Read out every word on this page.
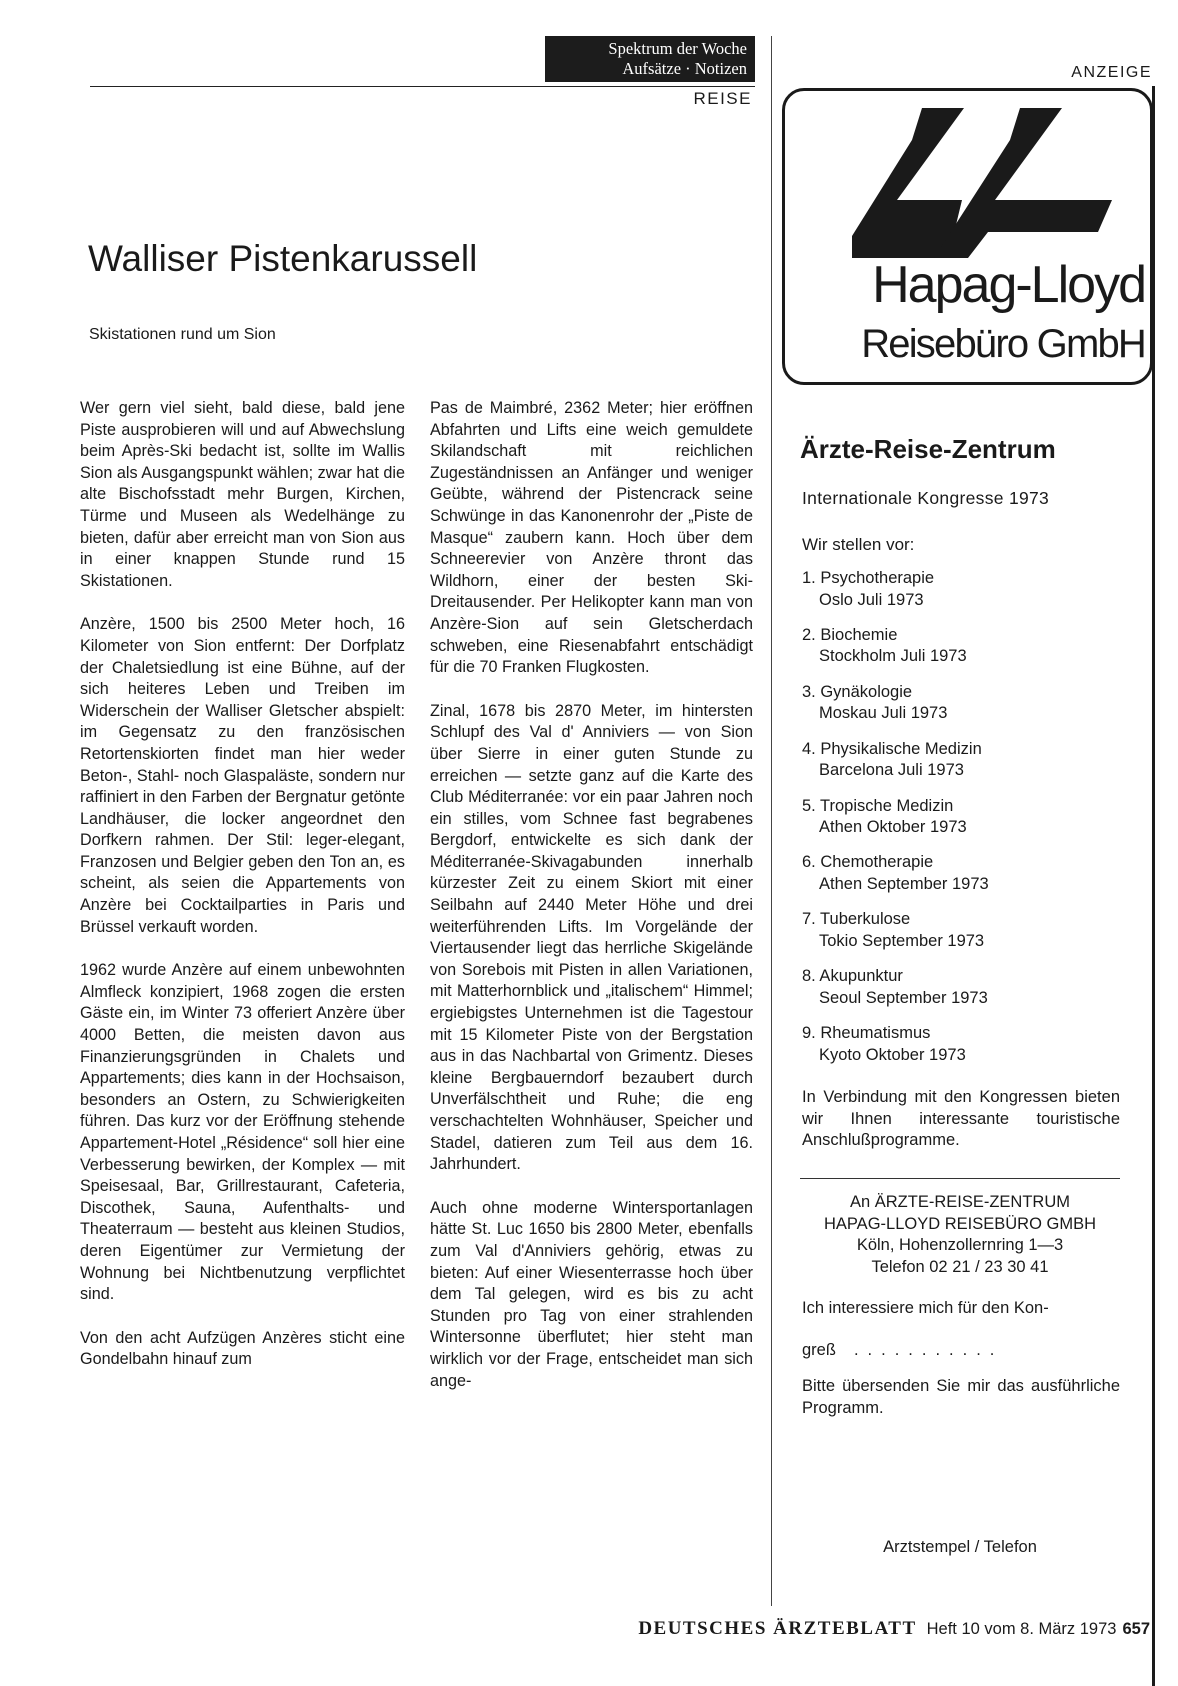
Spektrum der Woche
Aufsätze · Notizen
REISE
Walliser Pistenkarussell
Skistationen rund um Sion

Wer gern viel sieht, bald diese, bald jene Piste ausprobieren will und auf Abwechslung beim Après-Ski bedacht ist, sollte im Wallis Sion als Ausgangspunkt wählen; zwar hat die alte Bischofsstadt mehr Burgen, Kirchen, Türme und Museen als Wedelhänge zu bieten, dafür aber erreicht man von Sion aus in einer knappen Stunde rund 15 Skistationen.

Anzère, 1500 bis 2500 Meter hoch, 16 Kilometer von Sion entfernt: Der Dorfplatz der Chaletsiedlung ist eine Bühne, auf der sich heiteres Leben und Treiben im Widerschein der Walliser Gletscher abspielt: im Gegensatz zu den französischen Retortenskiorten findet man hier weder Beton-, Stahl- noch Glaspaläste, sondern nur raffiniert in den Farben der Bergnatur getönte Landhäuser, die locker angeordnet den Dorfkern rahmen. Der Stil: leger-elegant, Franzosen und Belgier geben den Ton an, es scheint, als seien die Appartements von Anzère bei Cocktailparties in Paris und Brüssel verkauft worden.

1962 wurde Anzère auf einem unbewohnten Almfleck konzipiert, 1968 zogen die ersten Gäste ein, im Winter 73 offeriert Anzère über 4000 Betten, die meisten davon aus Finanzierungsgründen in Chalets und Appartements; dies kann in der Hochsaison, besonders an Ostern, zu Schwierigkeiten führen. Das kurz vor der Eröffnung stehende Appartement-Hotel „Résidence“ soll hier eine Verbesserung bewirken, der Komplex — mit Speisesaal, Bar, Grillrestaurant, Cafeteria, Discothek, Sauna, Aufenthalts- und Theaterraum — besteht aus kleinen Studios, deren Eigentümer zur Vermietung der Wohnung bei Nichtbenutzung verpflichtet sind.

Von den acht Aufzügen Anzères sticht eine Gondelbahn hinauf zum

Pas de Maimbré, 2362 Meter; hier eröffnen Abfahrten und Lifts eine weich gemuldete Skilandschaft mit reichlichen Zugeständnissen an Anfänger und weniger Geübte, während der Pistencrack seine Schwünge in das Kanonenrohr der „Piste de Masque“ zaubern kann. Hoch über dem Schneerevier von Anzère thront das Wildhorn, einer der besten Ski-Dreitausender. Per Helikopter kann man von Anzère-Sion auf sein Gletscherdach schweben, eine Riesenabfahrt entschädigt für die 70 Franken Flugkosten.

Zinal, 1678 bis 2870 Meter, im hintersten Schlupf des Val d' Anniviers — von Sion über Sierre in einer guten Stunde zu erreichen — setzte ganz auf die Karte des Club Méditerranée: vor ein paar Jahren noch ein stilles, vom Schnee fast begrabenes Bergdorf, entwickelte es sich dank der Méditerranée-Skivagabunden innerhalb kürzester Zeit zu einem Skiort mit einer Seilbahn auf 2440 Meter Höhe und drei weiterführenden Lifts. Im Vorgelände der Viertausender liegt das herrliche Skigelände von Sorebois mit Pisten in allen Variationen, mit Matterhornblick und „italischem“ Himmel; ergiebigstes Unternehmen ist die Tagestour mit 15 Kilometer Piste von der Bergstation aus in das Nachbartal von Grimentz. Dieses kleine Bergbauerndorf bezaubert durch Unverfälschtheit und Ruhe; die eng verschachtelten Wohnhäuser, Speicher und Stadel, datieren zum Teil aus dem 16. Jahrhundert.

Auch ohne moderne Wintersportanlagen hätte St. Luc 1650 bis 2800 Meter, ebenfalls zum Val d'Anniviers gehörig, etwas zu bieten: Auf einer Wiesenterrasse hoch über dem Tal gelegen, wird es bis zu acht Stunden pro Tag von einer strahlenden Wintersonne überflutet; hier steht man wirklich vor der Frage, entscheidet man sich ange-

ANZEIGE
Hapag-Lloyd
Reisebüro GmbH
Ärzte-Reise-Zentrum
Internationale Kongresse 1973
Wir stellen vor:
1. Psychotherapie
Oslo Juli 1973
2. Biochemie
Stockholm Juli 1973
3. Gynäkologie
Moskau Juli 1973
4. Physikalische Medizin
Barcelona Juli 1973
5. Tropische Medizin
Athen Oktober 1973
6. Chemotherapie
Athen September 1973
7. Tuberkulose
Tokio September 1973
8. Akupunktur
Seoul September 1973
9. Rheumatismus
Kyoto Oktober 1973
In Verbindung mit den Kongressen bieten wir Ihnen interessante touristische Anschlußprogramme.
An ÄRZTE-REISE-ZENTRUM
HAPAG-LLOYD REISEBÜRO GMBH
Köln, Hohenzollernring 1—3
Telefon 02 21 / 23 30 41
Ich interessiere mich für den Kon-
greß ...........
Bitte übersenden Sie mir das ausführliche Programm.
Arztstempel / Telefon
DEUTSCHES ÄRZTEBLATT Heft 10 vom 8. März 1973 657
